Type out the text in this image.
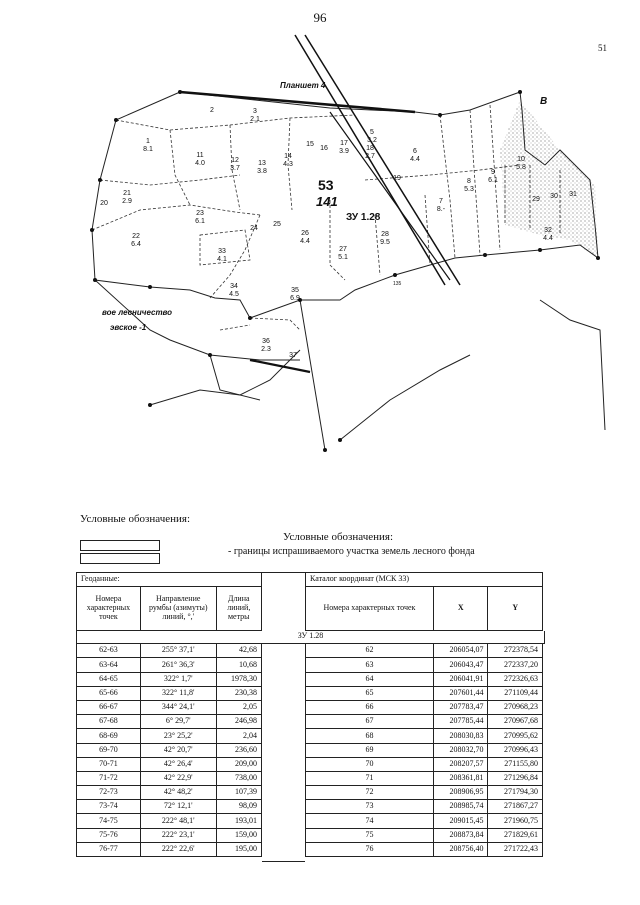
96
51
Планшет 4
В
53
141
ЗУ 1.28
вое лесничество
эвское -1
135
1
8.1
2	3
2.1
5
3.2
6
4.4
7
8.-
8
5.3
9
6.1
10
5.8
11
4.0	12
3.7
13
3.8
14
4.3
15
16
17
3.9 18
2.7
19
20
21
2.9
22
6.4
23
6.1
24
25
26
4.4
27
5.1
28
9.5
29 30 31
32
4.4
33
4.1
34
4.5
35
6.9
36
2.3
37
Условные обозначения:
Условные обозначения:
- границы испрашиваемого участка земель лесного фонда
Геоданные:		
Номера характерных точек	Направление румбы (азимуты) линий, °,'	Длина линий, метры

62-63	255° 37,1'	42,68
63-64	261° 36,3'	10,68
64-65	322° 1,7'	1978,30
65-66	322° 11,8'	230,38
66-67	344° 24,1'	2,05
67-68	6° 29,7'	246,98
68-69	23° 25,2'	2,04
69-70	42° 20,7'	236,60
70-71	42° 26,4'	209,00
71-72	42° 22,9'	738,00
72-73	42° 48,2'	107,39
73-74	72° 12,1'	98,09
74-75	222° 48,1'	193,01
75-76	222° 23,1'	159,00
76-77	222° 22,6'	195,00
Каталог координат (МСК 33)		
Номера характерных точек	X	Y

62	206054,07	272378,54
63	206043,47	272337,20
64	206041,91	272326,63
65	207601,44	271109,44
66	207783,47	270968,23
67	207785,44	270967,68
68	208030,83	270995,62
69	208032,70	270996,43
70	208207,57	271155,80
71	208361,81	271296,84
72	208906,95	271794,30
73	208985,74	271867,27
74	209015,45	271960,75
75	208873,84	271829,61
76	208756,40	271722,43
ЗУ 1.28
